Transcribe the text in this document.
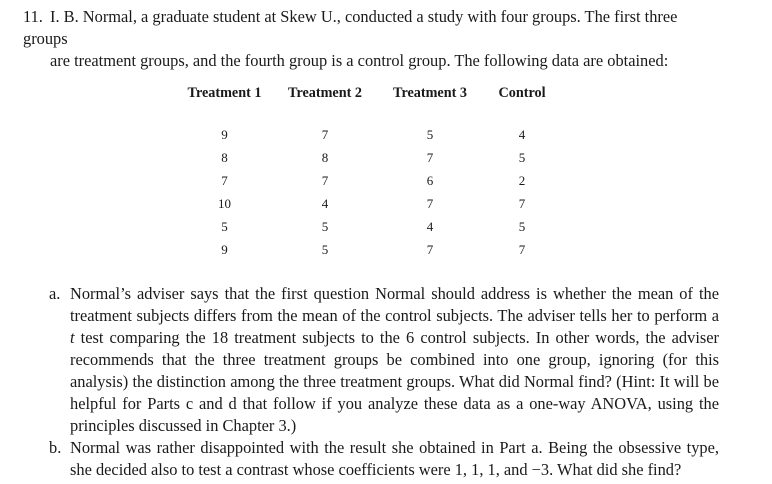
11. I. B. Normal, a graduate student at Skew U., conducted a study with four groups. The first three groups
are treatment groups, and the fourth group is a control group. The following data are obtained:
Treatment 1	Treatment 2	Treatment 3	Control
9	7	5	4
8	8	7	5
7	7	6	2
10	4	7	7
5	5	4	5
9	5	7	7
a. Normal’s adviser says that the first question Normal should address is whether the mean of the treatment subjects differs from the mean of the control subjects. The adviser tells her to perform a t test comparing the 18 treatment subjects to the 6 control subjects. In other words, the adviser recommends that the three treatment groups be combined into one group, ignoring (for this analysis) the distinction among the three treatment groups. What did Normal find? (Hint: It will be helpful for Parts c and d that follow if you analyze these data as a one-way ANOVA, using the principles discussed in Chapter 3.)
b. Normal was rather disappointed with the result she obtained in Part a. Being the obsessive type, she decided also to test a contrast whose coefficients were 1, 1, 1, and −3. What did she find?
